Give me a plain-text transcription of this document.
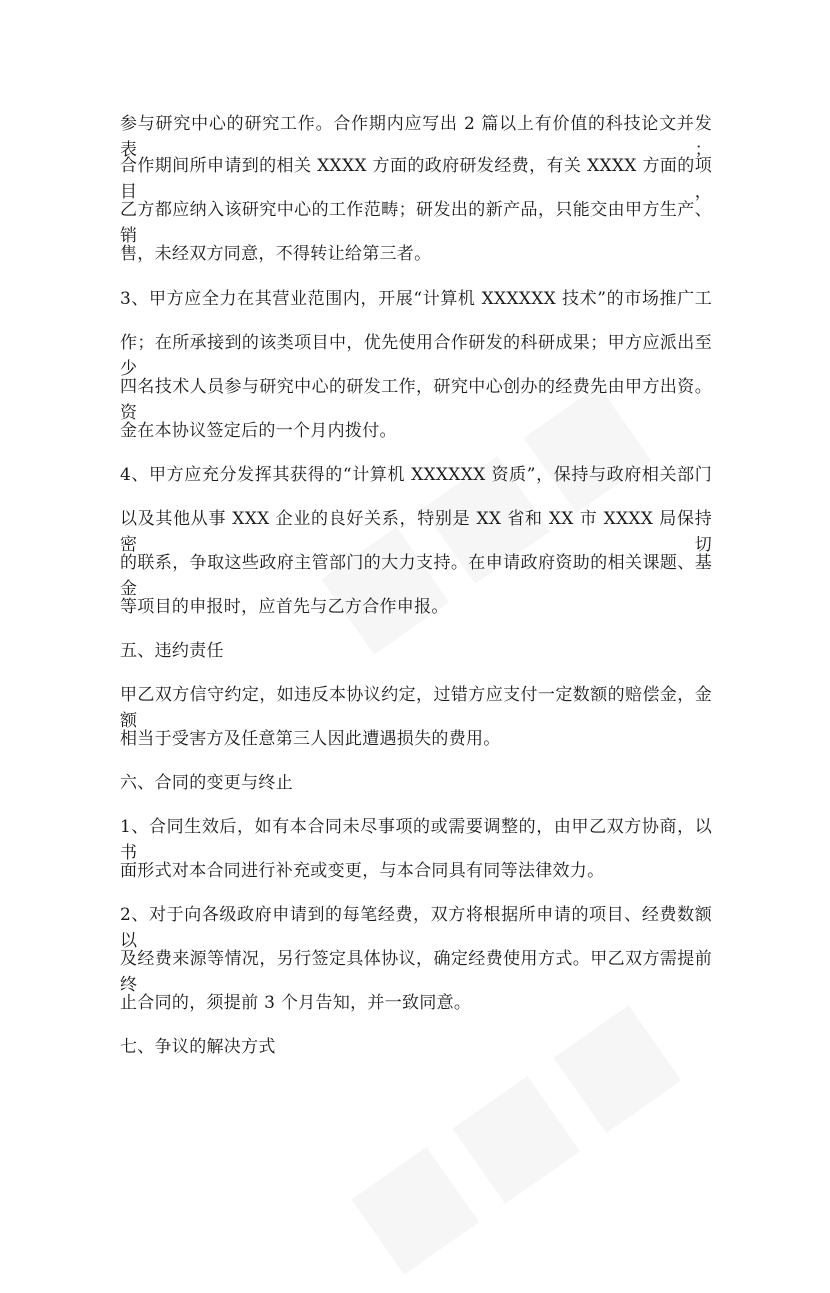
参与研究中心的研究工作。合作期内应写出 2 篇以上有价值的科技论文并发表；
合作期间所申请到的相关 XXXX 方面的政府研发经费，有关 XXXX 方面的项目，
乙方都应纳入该研究中心的工作范畴；研发出的新产品，只能交由甲方生产、销
售，未经双方同意，不得转让给第三者。
3、甲方应全力在其营业范围内，开展“计算机 XXXXXX 技术”的市场推广工
作；在所承接到的该类项目中，优先使用合作研发的科研成果；甲方应派出至少
四名技术人员参与研究中心的研发工作，研究中心创办的经费先由甲方出资。资
金在本协议签定后的一个月内拨付。
4、甲方应充分发挥其获得的“计算机 XXXXXX 资质”，保持与政府相关部门
以及其他从事 XXX 企业的良好关系，特别是 XX 省和 XX 市 XXXX 局保持密切
的联系，争取这些政府主管部门的大力支持。在申请政府资助的相关课题、基金
等项目的申报时，应首先与乙方合作申报。
五、违约责任
甲乙双方信守约定，如违反本协议约定，过错方应支付一定数额的赔偿金，金额
相当于受害方及任意第三人因此遭遇损失的费用。
六、合同的变更与终止
1、合同生效后，如有本合同未尽事项的或需要调整的，由甲乙双方协商，以书
面形式对本合同进行补充或变更，与本合同具有同等法律效力。
2、对于向各级政府申请到的每笔经费，双方将根据所申请的项目、经费数额以
及经费来源等情况，另行签定具体协议，确定经费使用方式。甲乙双方需提前终
止合同的，须提前 3 个月告知，并一致同意。
七、争议的解决方式
